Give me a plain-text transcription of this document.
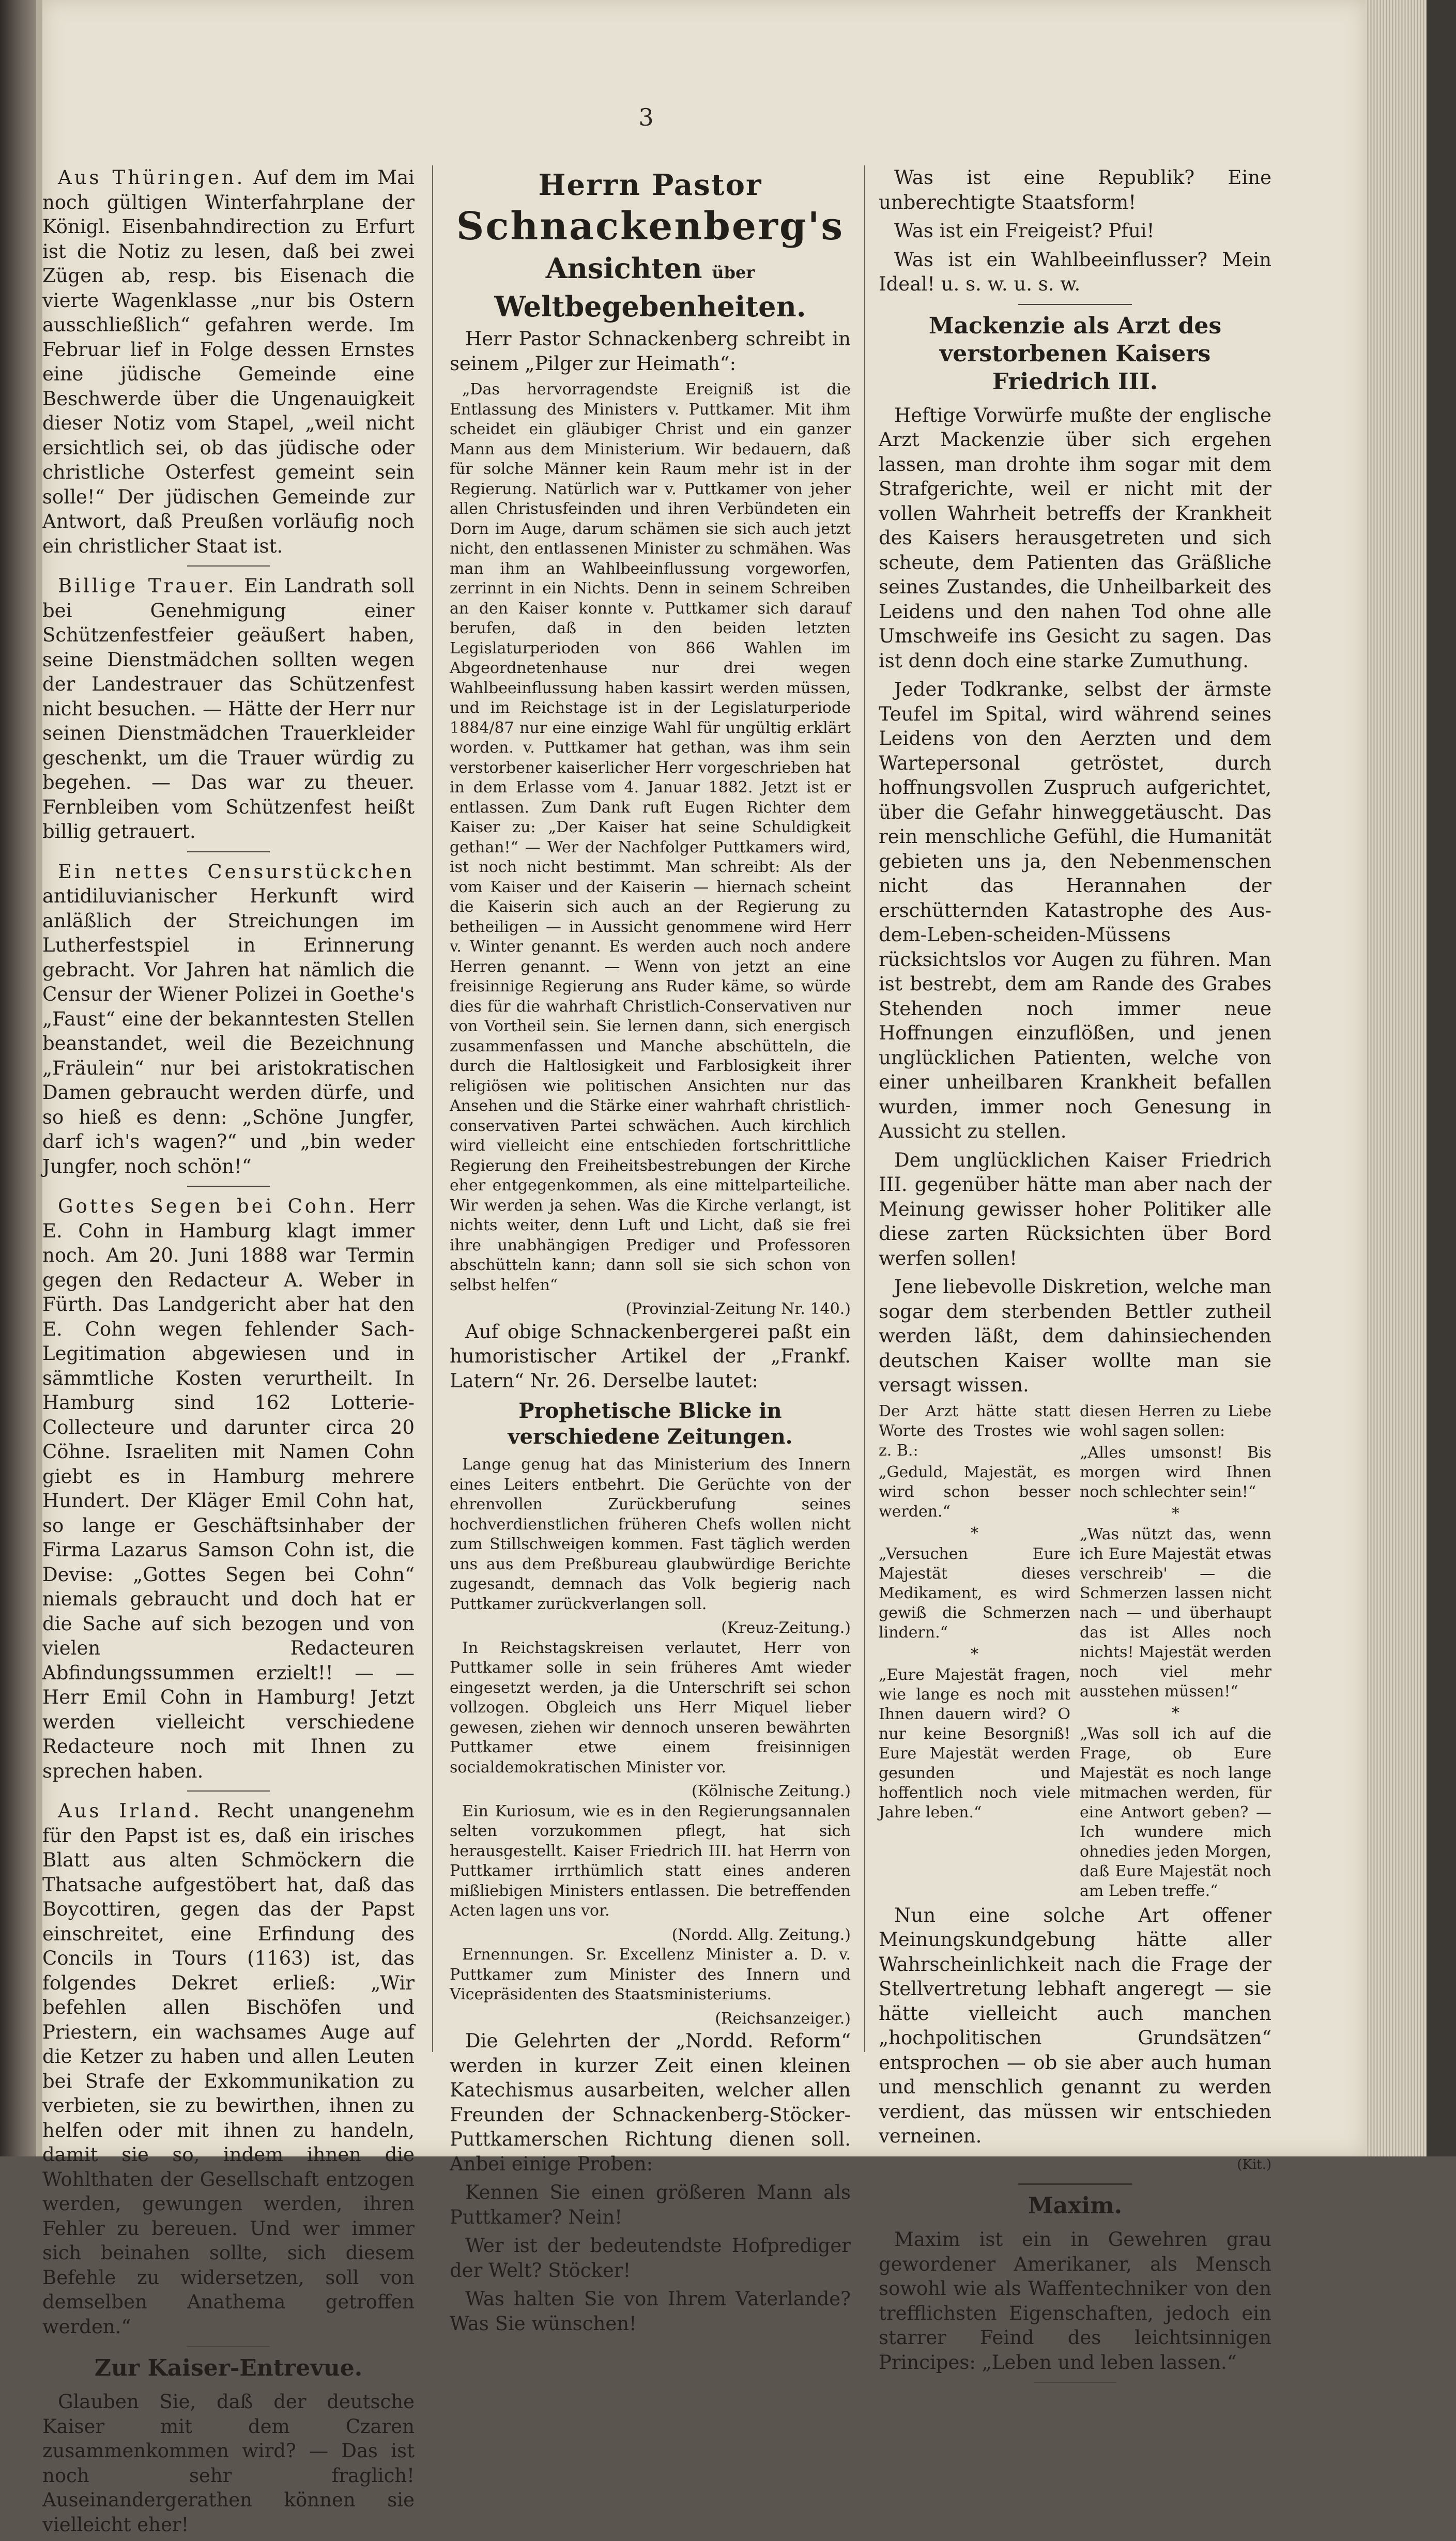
3

Aus Thüringen. Auf dem im Mai noch gültigen Winterfahrplane der Königl. Eisenbahndirection zu Erfurt ist die Notiz zu lesen, daß bei zwei Zügen ab, resp. bis Eisenach die vierte Wagenklasse „nur bis Ostern ausschließlich“ gefahren werde. Im Februar lief in Folge dessen Ernstes eine jüdische Gemeinde eine Beschwerde über die Ungenauigkeit dieser Notiz vom Stapel, „weil nicht ersichtlich sei, ob das jüdische oder christliche Osterfest gemeint sein solle!“ Der jüdischen Gemeinde zur Antwort, daß Preußen vorläufig noch ein christlicher Staat ist.

Billige Trauer. Ein Landrath soll bei Genehmigung einer Schützenfestfeier geäußert haben, seine Dienstmädchen sollten wegen der Landestrauer das Schützenfest nicht besuchen. — Hätte der Herr nur seinen Dienstmädchen Trauerkleider geschenkt, um die Trauer würdig zu begehen. — Das war zu theuer. Fernbleiben vom Schützenfest heißt billig getrauert.

Ein nettes Censurstückchen antidiluvianischer Herkunft wird anläßlich der Streichungen im Lutherfestspiel in Erinnerung gebracht. Vor Jahren hat nämlich die Censur der Wiener Polizei in Goethe's „Faust“ eine der bekanntesten Stellen beanstandet, weil die Bezeichnung „Fräulein“ nur bei aristokratischen Damen gebraucht werden dürfe, und so hieß es denn: „Schöne Jungfer, darf ich's wagen?“ und „bin weder Jungfer, noch schön!“

Gottes Segen bei Cohn. Herr E. Cohn in Hamburg klagt immer noch. Am 20. Juni 1888 war Termin gegen den Redacteur A. Weber in Fürth. Das Landgericht aber hat den E. Cohn wegen fehlender Sach-Legitimation abgewiesen und in sämmtliche Kosten verurtheilt. In Hamburg sind 162 Lotterie-Collecteure und darunter circa 20 Cöhne. Israeliten mit Namen Cohn giebt es in Hamburg mehrere Hundert. Der Kläger Emil Cohn hat, so lange er Geschäftsinhaber der Firma Lazarus Samson Cohn ist, die Devise: „Gottes Segen bei Cohn“ niemals gebraucht und doch hat er die Sache auf sich bezogen und von vielen Redacteuren Abfindungssummen erzielt!! — — Herr Emil Cohn in Hamburg! Jetzt werden vielleicht verschiedene Redacteure noch mit Ihnen zu sprechen haben.

Aus Irland. Recht unangenehm für den Papst ist es, daß ein irisches Blatt aus alten Schmöckern die Thatsache aufgestöbert hat, daß das Boycottiren, gegen das der Papst einschreitet, eine Erfindung des Concils in Tours (1163) ist, das folgendes Dekret erließ: „Wir befehlen allen Bischöfen und Priestern, ein wachsames Auge auf die Ketzer zu haben und allen Leuten bei Strafe der Exkommunikation zu verbieten, sie zu bewirthen, ihnen zu helfen oder mit ihnen zu handeln, damit sie so, indem ihnen die Wohlthaten der Gesellschaft entzogen werden, gewungen werden, ihren Fehler zu bereuen. Und wer immer sich beinahen sollte, sich diesem Befehle zu widersetzen, soll von demselben Anathema getroffen werden.“

Zur Kaiser-Entrevue.

Glauben Sie, daß der deutsche Kaiser mit dem Czaren zusammenkommen wird? — Das ist noch sehr fraglich! Auseinandergerathen können sie vielleicht eher!

Herrn Pastor
Schnackenberg's
Ansichten über Weltbegebenheiten.

Herr Pastor Schnackenberg schreibt in seinem „Pilger zur Heimath“:

„Das hervorragendste Ereigniß ist die Entlassung des Ministers v. Puttkamer. Mit ihm scheidet ein gläubiger Christ und ein ganzer Mann aus dem Ministerium. Wir bedauern, daß für solche Männer kein Raum mehr ist in der Regierung. Natürlich war v. Puttkamer von jeher allen Christusfeinden und ihren Verbündeten ein Dorn im Auge, darum schämen sie sich auch jetzt nicht, den entlassenen Minister zu schmähen. Was man ihm an Wahlbeeinflussung vorgeworfen, zerrinnt in ein Nichts. Denn in seinem Schreiben an den Kaiser konnte v. Puttkamer sich darauf berufen, daß in den beiden letzten Legislaturperioden von 866 Wahlen im Abgeordnetenhause nur drei wegen Wahlbeeinflussung haben kassirt werden müssen, und im Reichstage ist in der Legislaturperiode 1884/87 nur eine einzige Wahl für ungültig erklärt worden. v. Puttkamer hat gethan, was ihm sein verstorbener kaiserlicher Herr vorgeschrieben hat in dem Erlasse vom 4. Januar 1882. Jetzt ist er entlassen. Zum Dank ruft Eugen Richter dem Kaiser zu: „Der Kaiser hat seine Schuldigkeit gethan!“ — Wer der Nachfolger Puttkamers wird, ist noch nicht bestimmt. Man schreibt: Als der vom Kaiser und der Kaiserin — hiernach scheint die Kaiserin sich auch an der Regierung zu betheiligen — in Aussicht genommene wird Herr v. Winter genannt. Es werden auch noch andere Herren genannt. — Wenn von jetzt an eine freisinnige Regierung ans Ruder käme, so würde dies für die wahrhaft Christlich-Conservativen nur von Vortheil sein. Sie lernen dann, sich energisch zusammenfassen und Manche abschütteln, die durch die Haltlosigkeit und Farblosigkeit ihrer religiösen wie politischen Ansichten nur das Ansehen und die Stärke einer wahrhaft christlich-conservativen Partei schwächen. Auch kirchlich wird vielleicht eine entschieden fortschrittliche Regierung den Freiheitsbestrebungen der Kirche eher entgegenkommen, als eine mittelparteiliche. Wir werden ja sehen. Was die Kirche verlangt, ist nichts weiter, denn Luft und Licht, daß sie frei ihre unabhängigen Prediger und Professoren abschütteln kann; dann soll sie sich schon von selbst helfen“

(Provinzial-Zeitung Nr. 140.)

Auf obige Schnackenbergerei paßt ein humoristischer Artikel der „Frankf. Latern“ Nr. 26. Derselbe lautet:

Prophetische Blicke in verschiedene Zeitungen.

Lange genug hat das Ministerium des Innern eines Leiters entbehrt. Die Gerüchte von der ehrenvollen Zurückberufung seines hochverdienstlichen früheren Chefs wollen nicht zum Stillschweigen kommen. Fast täglich werden uns aus dem Preßbureau glaubwürdige Berichte zugesandt, demnach das Volk begierig nach Puttkamer zurückverlangen soll.

(Kreuz-Zeitung.)

In Reichstagskreisen verlautet, Herr von Puttkamer solle in sein früheres Amt wieder eingesetzt werden, ja die Unterschrift sei schon vollzogen. Obgleich uns Herr Miquel lieber gewesen, ziehen wir dennoch unseren bewährten Puttkamer etwe einem freisinnigen socialdemokratischen Minister vor.

(Kölnische Zeitung.)

Ein Kuriosum, wie es in den Regierungsannalen selten vorzukommen pflegt, hat sich herausgestellt. Kaiser Friedrich III. hat Herrn von Puttkamer irrthümlich statt eines anderen mißliebigen Ministers entlassen. Die betreffenden Acten lagen uns vor.

(Nordd. Allg. Zeitung.)

Ernennungen. Sr. Excellenz Minister a. D. v. Puttkamer zum Minister des Innern und Vicepräsidenten des Staatsministeriums.

(Reichsanzeiger.)

Die Gelehrten der „Nordd. Reform“ werden in kurzer Zeit einen kleinen Katechismus ausarbeiten, welcher allen Freunden der Schnackenberg-Stöcker-Puttkamerschen Richtung dienen soll. Anbei einige Proben:

Kennen Sie einen größeren Mann als Puttkamer? Nein!

Wer ist der bedeutendste Hofprediger der Welt? Stöcker!

Was halten Sie von Ihrem Vaterlande? Was Sie wünschen!

Was ist eine Republik? Eine unberechtigte Staatsform!

Was ist ein Freigeist? Pfui!

Was ist ein Wahlbeeinflusser? Mein Ideal! u. s. w. u. s. w.

Mackenzie als Arzt des verstorbenen Kaisers Friedrich III.

Heftige Vorwürfe mußte der englische Arzt Mackenzie über sich ergehen lassen, man drohte ihm sogar mit dem Strafgerichte, weil er nicht mit der vollen Wahrheit betreffs der Krankheit des Kaisers herausgetreten und sich scheute, dem Patienten das Gräßliche seines Zustandes, die Unheilbarkeit des Leidens und den nahen Tod ohne alle Umschweife ins Gesicht zu sagen. Das ist denn doch eine starke Zumuthung.

Jeder Todkranke, selbst der ärmste Teufel im Spital, wird während seines Leidens von den Aerzten und dem Wartepersonal getröstet, durch hoffnungsvollen Zuspruch aufgerichtet, über die Gefahr hinweggetäuscht. Das rein menschliche Gefühl, die Humanität gebieten uns ja, den Nebenmenschen nicht das Herannahen der erschütternden Katastrophe des Aus-dem-Leben-scheiden-Müssens rücksichtslos vor Augen zu führen. Man ist bestrebt, dem am Rande des Grabes Stehenden noch immer neue Hoffnungen einzuflößen, und jenen unglücklichen Patienten, welche von einer unheilbaren Krankheit befallen wurden, immer noch Genesung in Aussicht zu stellen.

Dem unglücklichen Kaiser Friedrich III. gegenüber hätte man aber nach der Meinung gewisser hoher Politiker alle diese zarten Rücksichten über Bord werfen sollen!

Jene liebevolle Diskretion, welche man sogar dem sterbenden Bettler zutheil werden läßt, dem dahinsiechenden deutschen Kaiser wollte man sie versagt wissen.

Der Arzt hätte statt Worte des Trostes wie z. B.:

„Geduld, Majestät, es wird schon besser werden.“

*

„Versuchen Eure Majestät dieses Medikament, es wird gewiß die Schmerzen lindern.“

*

„Eure Majestät fragen, wie lange es noch mit Ihnen dauern wird? O nur keine Besorgniß! Eure Majestät werden gesunden und hoffentlich noch viele Jahre leben.“

diesen Herren zu Liebe wohl sagen sollen:

„Alles umsonst! Bis morgen wird Ihnen noch schlechter sein!“

*

„Was nützt das, wenn ich Eure Majestät etwas verschreib' — die Schmerzen lassen nicht nach — und überhaupt das ist Alles noch nichts! Majestät werden noch viel mehr ausstehen müssen!“

*

„Was soll ich auf die Frage, ob Eure Majestät es noch lange mitmachen werden, für eine Antwort geben? — Ich wundere mich ohnedies jeden Morgen, daß Eure Majestät noch am Leben treffe.“

Nun eine solche Art offener Meinungskundgebung hätte aller Wahrscheinlichkeit nach die Frage der Stellvertretung lebhaft angeregt — sie hätte vielleicht auch manchen „hochpolitischen Grundsätzen“ entsprochen — ob sie aber auch human und menschlich genannt zu werden verdient, das müssen wir entschieden verneinen.

(Kit.)
Maxim.

Maxim ist ein in Gewehren grau gewordener Amerikaner, als Mensch sowohl wie als Waffentechniker von den trefflichsten Eigenschaften, jedoch ein starrer Feind des leichtsinnigen Principes: „Leben und leben lassen.“
